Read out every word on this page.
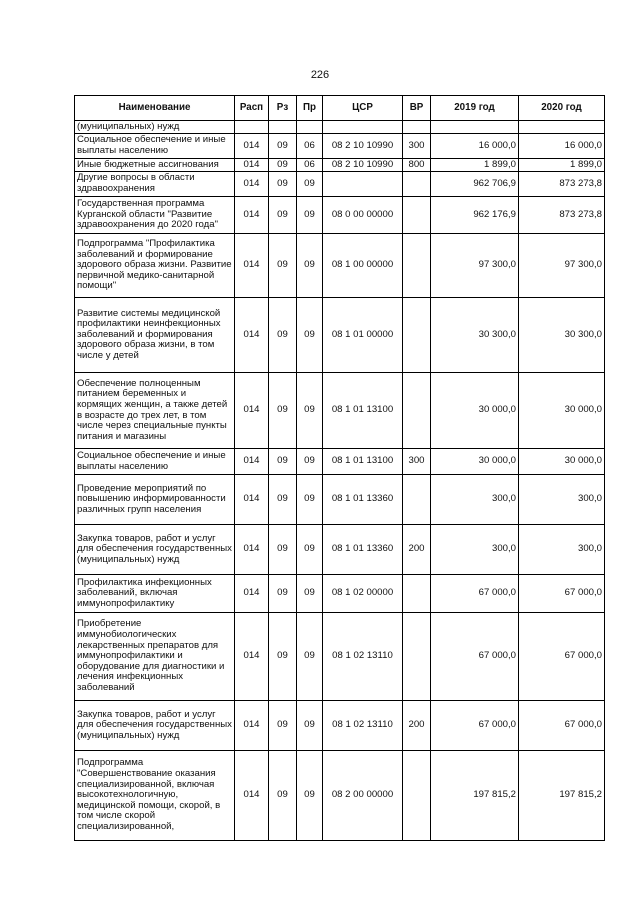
226
Наименование	Расп	Рз	Пр	ЦСР	ВР	2019 год	2020 год
(муниципальных) нужд							
Социальное обеспечение и иные выплаты населению	014	09	06	08 2 10 10990	300	16 000,0	16 000,0
Иные бюджетные ассигнования	014	09	06	08 2 10 10990	800	1 899,0	1 899,0
Другие вопросы в области здравоохранения	014	09	09			962 706,9	873 273,8
Государственная программа Курганской области "Развитие здравоохранения до 2020 года"	014	09	09	08 0 00 00000		962 176,9	873 273,8
Подпрограмма "Профилактика заболеваний и формирование здорового образа жизни. Развитие первичной медико-санитарной помощи"	014	09	09	08 1 00 00000		97 300,0	97 300,0
Развитие системы медицинской профилактики неинфекционных заболеваний и формирования здорового образа жизни, в том числе у детей	014	09	09	08 1 01 00000		30 300,0	30 300,0
Обеспечение полноценным питанием беременных и кормящих женщин, а также детей в возрасте до трех лет, в том числе через специальные пункты питания и магазины	014	09	09	08 1 01 13100		30 000,0	30 000,0
Социальное обеспечение и иные выплаты населению	014	09	09	08 1 01 13100	300	30 000,0	30 000,0
Проведение мероприятий по повышению информированности различных групп населения	014	09	09	08 1 01 13360		300,0	300,0
Закупка товаров, работ и услуг для обеспечения государственных (муниципальных) нужд	014	09	09	08 1 01 13360	200	300,0	300,0
Профилактика инфекционных заболеваний, включая иммунопрофилактику	014	09	09	08 1 02 00000		67 000,0	67 000,0
Приобретение иммунобиологических лекарственных препаратов для иммунопрофилактики и оборудование для диагностики и лечения инфекционных заболеваний	014	09	09	08 1 02 13110		67 000,0	67 000,0
Закупка товаров, работ и услуг для обеспечения государственных (муниципальных) нужд	014	09	09	08 1 02 13110	200	67 000,0	67 000,0
Подпрограмма "Совершенствование оказания специализированной, включая высокотехнологичную, медицинской помощи, скорой, в том числе скорой специализированной,	014	09	09	08 2 00 00000		197 815,2	197 815,2
